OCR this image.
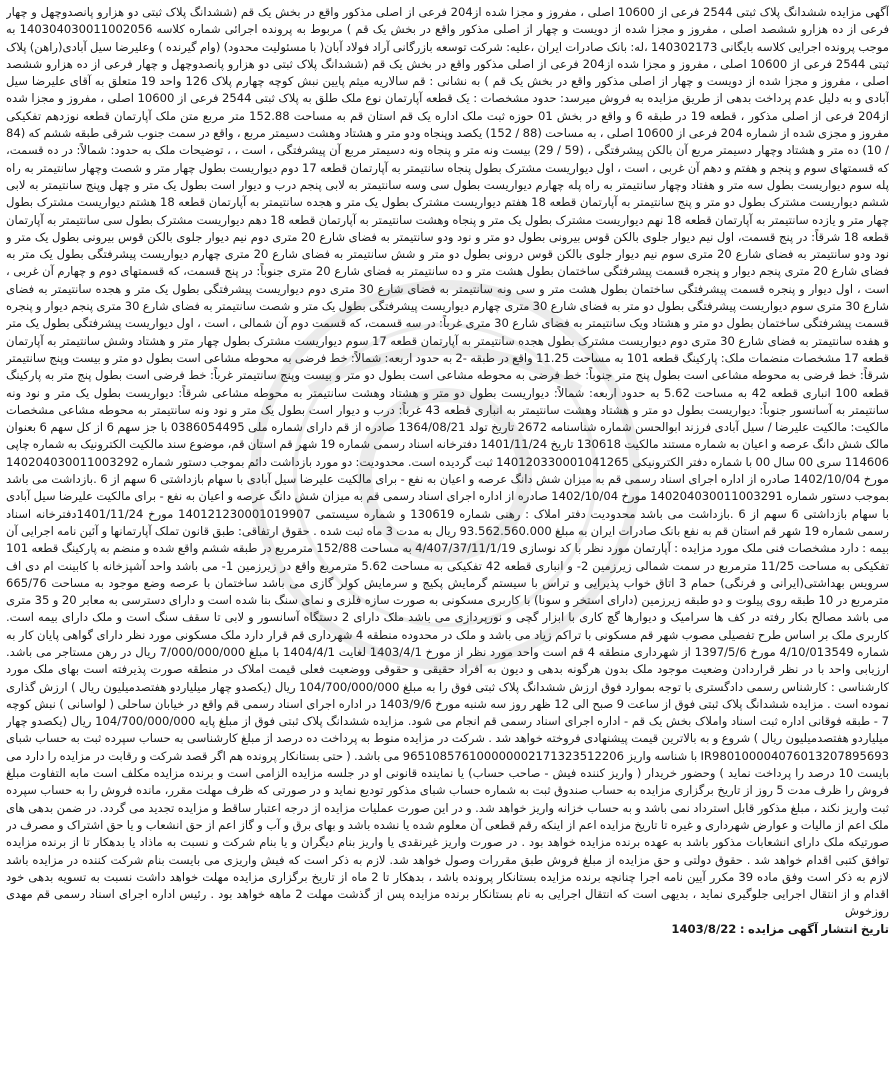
آگهی مزایده ششدانگ پلاک ثبتی 2544 فرعی از 10600 اصلی ، مفروز و مجزا شده از204 فرعی از اصلی مذکور واقع در بخش یک قم (ششدانگ پلاک ثبتی دو هزارو پانصدوچهل و چهار فرعی از ده هزارو ششصد اصلی ، مفروز و مجزا شده از دویست و چهار از اصلی مذکور واقع در بخش یک قم ) مربوط به پرونده اجرائی شماره کلاسه 140304030011002056 به موجب پرونده اجرایی کلاسه بایگانی 140302173 ،له: بانک صادرات ایران ،علیه: شرکت توسعه بازرگانی آراد فولاد آبان( با مسئولیت محدود) (وام گیرنده ) وعلیرضا سیل آبادی(راهن) پلاک ثبتی 2544 فرعی از 10600 اصلی ، مفروز و مجزا شده از204 فرعی از اصلی مذکور واقع در بخش یک قم (ششدانگ پلاک ثبتی دو هزارو پانصدوچهل و چهار فرعی از ده هزارو ششصد اصلی ، مفروز و مجزا شده از دویست و چهار از اصلی مذکور واقع در بخش یک قم ) به نشانی : قم سالاریه میثم پایین نبش کوچه چهارم پلاک 126 واحد 19 متعلق به آقای علیرضا سیل آبادی و به دلیل عدم پرداخت بدهی از طریق مزایده به فروش میرسد: حدود مشخصات : یک قطعه آپارتمان نوع ملک طلق به پلاک ثبتی 2544 فرعی از 10600 اصلی ، مفروز و مجزا شده از204 فرعی از اصلی مذکور ، قطعه 19 در طبقه 6 و واقع در بخش 01 حوزه ثبت ملک اداره یک قم استان قم به مساحت 152.88 متر مربع متن ملک آپارتمان قطعه نوزدهم تفکیکی مفروز و مجزی شده از شماره 204 فرعی از 10600 اصلی ، به مساحت (88 / 152) یکصد وپنجاه ودو متر و هشتاد وهشت دسیمتر مربع ، واقع در سمت جنوب شرقی طبقه ششم که (84 / 10) ده متر و هشتاد وچهار دسیمتر مربع آن بالکن پیشرفتگی ، (59 / 29) بیست ونه متر و پنجاه ونه دسیمتر مربع آن پیشرفتگی ، است ، ، توضیحات ملک به حدود: شمالاً: در ده قسمت، که قسمتهای سوم و پنجم و هفتم و دهم آن غربی ، است ، اول دیواریست مشترک بطول پنجاه سانتیمتر به آپارتمان قطعه 17 دوم دیواریست بطول چهار متر و شصت وچهار سانتیمتر به راه پله سوم دیواریست بطول سه متر و هفتاد وچهار سانتیمتر به راه پله چهارم دیواریست بطول سی وسه سانتیمتر به لابی پنجم درب و دیوار است بطول یک متر و چهل وپنج سانتیمتر به لابی ششم دیواریست مشترک بطول دو متر و پنج سانتیمتر به آپارتمان قطعه 18 هفتم دیواریست مشترک بطول یک متر و هجده سانتیمتر به آپارتمان قطعه 18 هشتم دیواریست مشترک بطول چهار متر و یازده سانتیمتر به آپارتمان قطعه 18 نهم دیواریست مشترک بطول یک متر و پنجاه وهشت سانتیمتر به آپارتمان قطعه 18 دهم دیواریست مشترک بطول سی سانتیمتر به آپارتمان قطعه 18 شرقاً: در پنج قسمت، اول نیم دیوار جلوی بالکن قوس بیرونی بطول دو متر و نود ودو سانتیمتر به فضای شارع 20 متری دوم نیم دیوار جلوی بالکن قوس بیرونی بطول یک متر و نود ودو سانتیمتر به فضای شارع 20 متری سوم نیم دیوار جلوی بالکن قوس درونی بطول دو متر و شش سانتیمتر به فضای شارع 20 متری چهارم دیواریست پیشرفتگی بطول یک متر به فضای شارع 20 متری پنجم دیوار و پنجره قسمت پیشرفتگی ساختمان بطول هشت متر و ده سانتیمتر به فضای شارع 20 متری جنوباً: در پنج قسمت، که قسمتهای دوم و چهارم آن غربی ، است ، اول دیوار و پنجره قسمت پیشرفتگی ساختمان بطول هشت متر و سی ونه سانتیمتر به فضای شارع 30 متری دوم دیواریست پیشرفتگی بطول یک متر و هجده سانتیمتر به فضای شارع 30 متری سوم دیواریست پیشرفتگی بطول دو متر به فضای شارع 30 متری چهارم دیواریست پیشرفتگی بطول یک متر و شصت سانتیمتر به فضای شارع 30 متری پنجم دیوار و پنجره قسمت پیشرفتگی ساختمان بطول دو متر و هشتاد ویک سانتیمتر به فضای شارع 30 متری غرباً: در سه قسمت، که قسمت دوم آن شمالی ، است ، اول دیواریست پیشرفتگی بطول یک متر و هفده سانتیمتر به فضای شارع 30 متری دوم دیواریست مشترک بطول هجده سانتیمتر به آپارتمان قطعه 17 سوم دیواریست مشترک بطول چهار متر و هشتاد وشش سانتیمتر به آپارتمان قطعه 17 مشخصات منضمات ملک: پارکینگ قطعه 101 به مساحت 11.25 واقع در طبقه -2 به حدود اربعه: شمالاً: خط فرضی به محوطه مشاعی است بطول دو متر و بیست وپنج سانتیمتر شرقاً: خط فرضی به محوطه مشاعی است بطول پنج متر جنوباً: خط فرضی به محوطه مشاعی است بطول دو متر و بیست وپنج سانتیمتر غرباً: خط فرضی است بطول پنج متر به پارکینگ قطعه 100 انباری قطعه 42 به مساحت 5.62 به حدود اربعه: شمالاً: دیواریست بطول دو متر و هشتاد وهشت سانتیمتر به محوطه مشاعی شرقاً: دیواریست بطول یک متر و نود ونه سانتیمتر به آسانسور جنوباً: دیواریست بطول دو متر و هشتاد وهشت سانتیمتر به انباری قطعه 43 غرباً: درب و دیوار است بطول یک متر و نود ونه سانتیمتر به محوطه مشاعی مشخصات مالکیت: مالکیت علیرضا / سیل آبادی فرزند ابوالحسن شماره شناسنامه 2672 تاریخ تولد 1364/08/21 صادره از قم دارای شماره ملی 0386054495 با جز سهم 6 از کل سهم 6 بعنوان مالک شش دانگ عرصه و اعیان به شماره مستند مالکیت 130618 تاریخ 1401/11/24 دفترخانه اسناد رسمی شماره 19 شهر قم استان قم، موضوع سند مالکیت الکترونیک به شماره چاپی 114606 سری 00 سال 00 با شماره دفتر الکترونیکی 140120330001041265 ثبت گردیده است. محدودیت: دو مورد بازداشت دائم بموجب دستور شماره 140204030011003292 مورخ 1402/10/04 صادره از اداره اجرای اسناد رسمی قم به میزان شش دانگ عرصه و اعیان به نفع - برای مالکیت علیرضا سیل آبادی با سهام بازداشتی 6 سهم از 6 .بازداشت می باشد بموجب دستور شماره 140204030011003291 مورخ 1402/10/04 صادره از اداره اجرای اسناد رسمی قم به میزان شش دانگ عرصه و اعیان به نفع - برای مالکیت علیرضا سیل آبادی با سهام بازداشتی 6 سهم از 6 .بازداشت می باشد محدودیت دفتر املاک : رهنی شماره 130619 و شماره سیستمی 140121230001019907 مورخ 1401/11/24دفترخانه اسناد رسمی شماره 19 شهر قم استان قم به نفع بانک صادرات ایران به مبلغ 93.562.560.000 ریال به مدت 3 ماه ثبت شده . حقوق ارتفاقی: طبق قانون تملک آپارتمانها و آئین نامه اجرایی آن بیمه : دارد مشخصات فنی ملک مورد مزایده : آپارتمان مورد نظر با کد نوسازی 4/407/37/11/1/19 به مساحت 152/88 مترمربع در طبقه ششم واقع شده و منضم به پارکینگ قطعه 101 تفکیکی به مساحت 11/25 مترمربع در سمت شمالی زیرزمین 2- و انباری قطعه 42 تفکیکی به مساحت 5.62 مترمربع واقع در زیرزمین 1- می باشد واحد آشپزخانه با کابینت ام دی اف سرویس بهداشتی(ایرانی و فرنگی) حمام 3 اتاق خواب پذیرایی و تراس با سیستم گرمایش پکیج و سرمایش کولر گازی می باشد ساختمان با عرصه وضع موجود به مساحت 665/76 مترمربع در 10 طبقه روی پیلوت و دو طبقه زیرزمین (دارای استخر و سونا) با کاربری مسکونی به صورت سازه فلزی و نمای سنگ بنا شده است و دارای دسترسی به معابر 20 و 35 متری می باشد مصالح بکار رفته در کف ها سرامیک و دیوارها گچ کاری با ابزار گچی و نورپردازی می باشد ملک دارای 2 دستگاه آسانسور و لابی تا سقف سنگ است و ملک دارای بیمه است. کاربری ملک بر اساس طرح تفصیلی مصوب شهر قم مسکونی با تراکم زیاد می باشد و ملک در محدوده منطقه 4 شهرداری قم قرار دارد ملک مسکونی مورد نظر دارای گواهی پایان کار به شماره 4/10/013549 مورخ 1397/5/6 از شهرداری منطقه 4 قم است واحد مورد نظر از مورخ 1403/4/1 لغایت 1404/4/1 با مبلغ 7/000/000/000 ریال در رهن مستاجر می باشد. ارزیابی واحد با در نظر قراردادن وضعیت موجود ملک بدون هرگونه بدهی و دیون به افراد حقیقی و حقوقی ووضعیت فعلی قیمت املاک در منطقه صورت پذیرفته است بهای ملک مورد کارشناسی : کارشناس رسمی دادگستری با توجه بموارد فوق ارزش ششدانگ پلاک ثبتی فوق را به مبلغ 104/700/000/000 ریال (یکصدو چهار میلیاردو هفتصدمیلیون ریال ) ارزش گذاری نموده است . مزایده ششدانگ پلاک ثبتی فوق از ساعت 9 صبح الی 12 ظهر روز سه شنبه مورخ 1403/9/6 در اداره اجرای اسناد رسمی قم واقع در خیابان ساحلی ( لواسانی ) نبش کوچه 7 - طبقه فوقانی اداره ثبت اسناد واملاک بخش یک قم - اداره اجرای اسناد رسمی قم انجام می شود. مزایده ششدانگ پلاک ثبتی فوق از مبلغ پایه 104/700/000/000 ریال (یکصدو چهار میلیاردو هفتصدمیلیون ریال ) شروع و به بالاترین قیمت پیشنهادی فروخته خواهد شد . شرکت در مزایده منوط به پرداخت ده درصد از مبلغ کارشناسی به حساب سپرده ثبت به حساب شبای IR980100004076013207895693 با شناسه واریز 965108576100000002171323512206 می باشد. ( حتی بستانکار پرونده هم اگر قصد شرکت و رقابت در مزایده را دارد می بایست 10 درصد را پرداخت نماید ) وحضور خریدار ( واریز کننده فیش - صاحب حساب) یا نماینده قانونی او در جلسه مزایده الزامی است و برنده مزایده مکلف است مابه التفاوت مبلغ فروش را ظرف مدت 5 روز از تاریخ برگزاری مزایده به حساب صندوق ثبت به شماره حساب شبای مذکور تودیع نماید و در صورتی که ظرف مهلت مقرر، مانده فروش را به حساب سپرده ثبت واریز نکند ، مبلغ مذکور قابل استرداد نمی باشد و به حساب خزانه واریز خواهد شد. و در این صورت عملیات مزایده از درجه اعتبار ساقط و مزایده تجدید می گردد. در ضمن بدهی های ملک اعم از مالیات و عوارض شهرداری و غیره تا تاریخ مزایده اعم از اینکه رقم قطعی آن معلوم شده یا نشده باشد و بهای برق و آب و گاز اعم از حق انشعاب و یا حق اشتراک و مصرف در صورتیکه ملک دارای انشعابات مذکور باشد به عهده برنده مزایده خواهد بود . در صورت واریز غیرنقدی یا واریز بنام دیگران و یا بنام شرکت و نسبت به ماذاد یا بدهکار تا از برنده مزایده توافق کتبی اقدام خواهد شد . حقوق دولتی و حق مزایده از مبلغ فروش طبق مقررات وصول خواهد شد. لازم به ذکر است که فیش واریزی می بایست بنام شرکت کننده در مزایده باشد لازم به ذکر است وفق ماده 39 مکرر آیین نامه اجرا چنانچه برنده مزایده بستانکار پرونده باشد ، بدهکار تا 2 ماه از تاریخ برگزاری مزایده مهلت خواهد داشت نسبت به تسویه بدهی خود اقدام و از انتقال اجرایی جلوگیری نماید ، بدیهی است که انتقال اجرایی به نام بستانکار برنده مزایده پس از گذشت مهلت 2 ماهه خواهد بود . رئیس اداره اجرای اسناد رسمی قم مهدی روزخوش

تاریخ انتشار آگهی مزایده : 1403/8/22
